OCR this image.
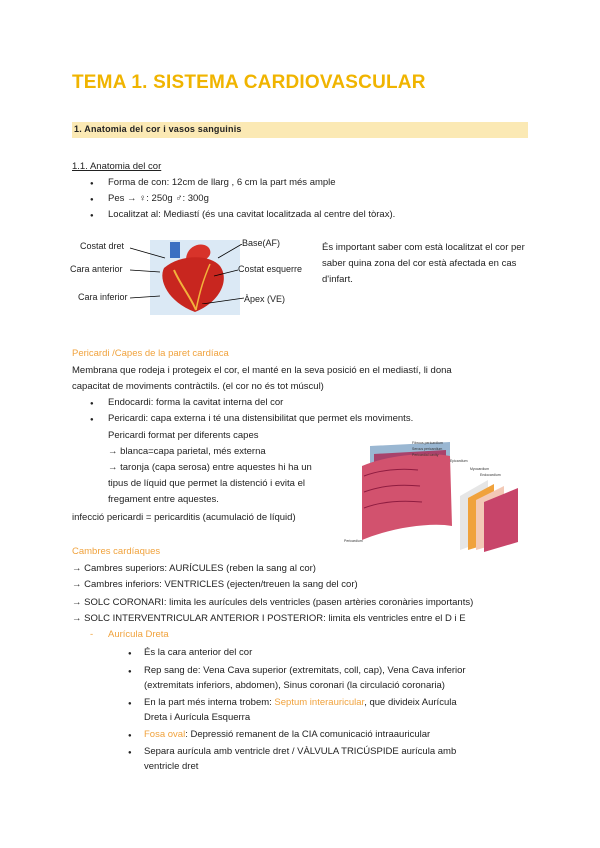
TEMA 1. SISTEMA CARDIOVASCULAR
1. Anatomia del cor i vasos sanguinis
1.1. Anatomia del cor
● Forma de con: 12cm de llarg , 6 cm la part més ample
● Pes → ♀: 250g ♂: 300g
● Localitzat al: Mediastí (és una cavitat localitzada al centre del tòrax).
Costat dret	Base(AF)
Cara anterior	Costat esquerre
Cara inferior	Àpex (VE)
És important saber com està localitzat el cor per saber quina zona del cor està afectada en cas d'infart.
Pericardi /Capes de la paret cardíaca
Membrana que rodeja i protegeix el cor, el manté en la seva posició en el mediastí, li dona
capacitat de moviments contràctils. (el cor no és tot múscul)
● Endocardi: forma la cavitat interna del cor
● Pericardi: capa externa i té una distensibilitat que permet els moviments.
Pericardi format per diferents capes
→ blanca=capa parietal, més externa
→ taronja (capa serosa) entre aquestes hi ha un
tipus de líquid que permet la distenció i evita el
fregament entre aquestes.
infecció pericardi = pericarditis (acumulació de líquid)
Fibrous pericardium
Serous pericardium
Pericardial cavity
Epicardium
Myocardium
Endocardium
Pericardium
Cambres cardíaques
→ Cambres superiors: AURÍCULES (reben la sang al cor)
→ Cambres inferiors: VENTRICLES (ejecten/treuen la sang del cor)
→ SOLC CORONARI: limita les aurícules dels ventricles (pasen artèries coronàries importants)
→ SOLC INTERVENTRICULAR ANTERIOR I POSTERIOR: limita els ventricles entre el D i E
- Aurícula Dreta
● És la cara anterior del cor
● Rep sang de: Vena Cava superior (extremitats, coll, cap), Vena Cava inferior
(extremitats inferiors, abdomen), Sinus coronari (la circulació coronaria)
● En la part més interna trobem: Septum interauricular, que divideix Aurícula
Dreta i Aurícula Esquerra
● Fosa oval: Depressió remanent de la CIA comunicació intraauricular
● Separa aurícula amb ventricle dret / VÀLVULA TRICÚSPIDE aurícula amb
ventricle dret
